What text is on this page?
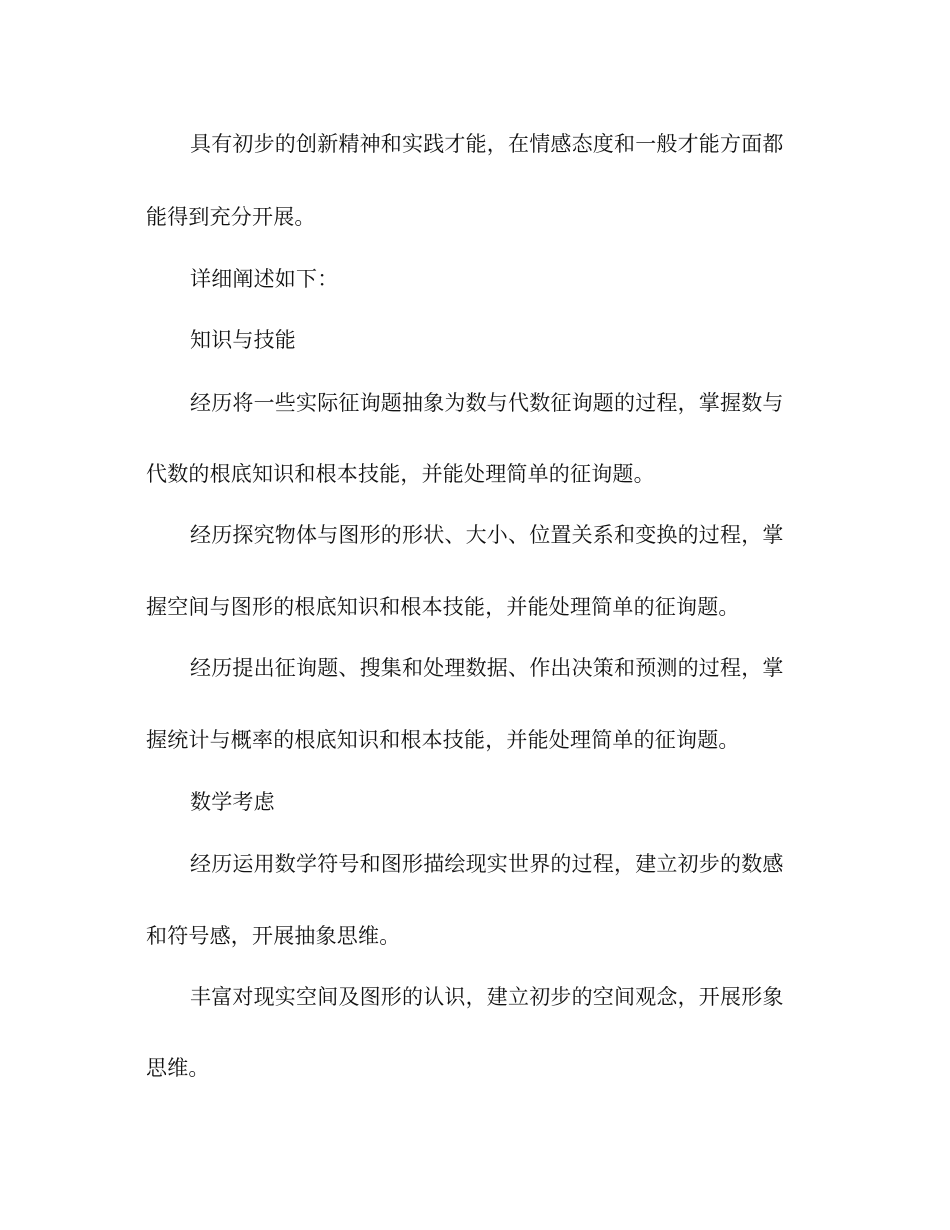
具有初步的创新精神和实践才能，在情感态度和一般才能方面都
能得到充分开展。
详细阐述如下：
知识与技能
经历将一些实际征询题抽象为数与代数征询题的过程，掌握数与
代数的根底知识和根本技能，并能处理简单的征询题。
经历探究物体与图形的形状、大小、位置关系和变换的过程，掌
握空间与图形的根底知识和根本技能，并能处理简单的征询题。
经历提出征询题、搜集和处理数据、作出决策和预测的过程，掌
握统计与概率的根底知识和根本技能，并能处理简单的征询题。
数学考虑
经历运用数学符号和图形描绘现实世界的过程，建立初步的数感
和符号感，开展抽象思维。
丰富对现实空间及图形的认识，建立初步的空间观念，开展形象
思维。
